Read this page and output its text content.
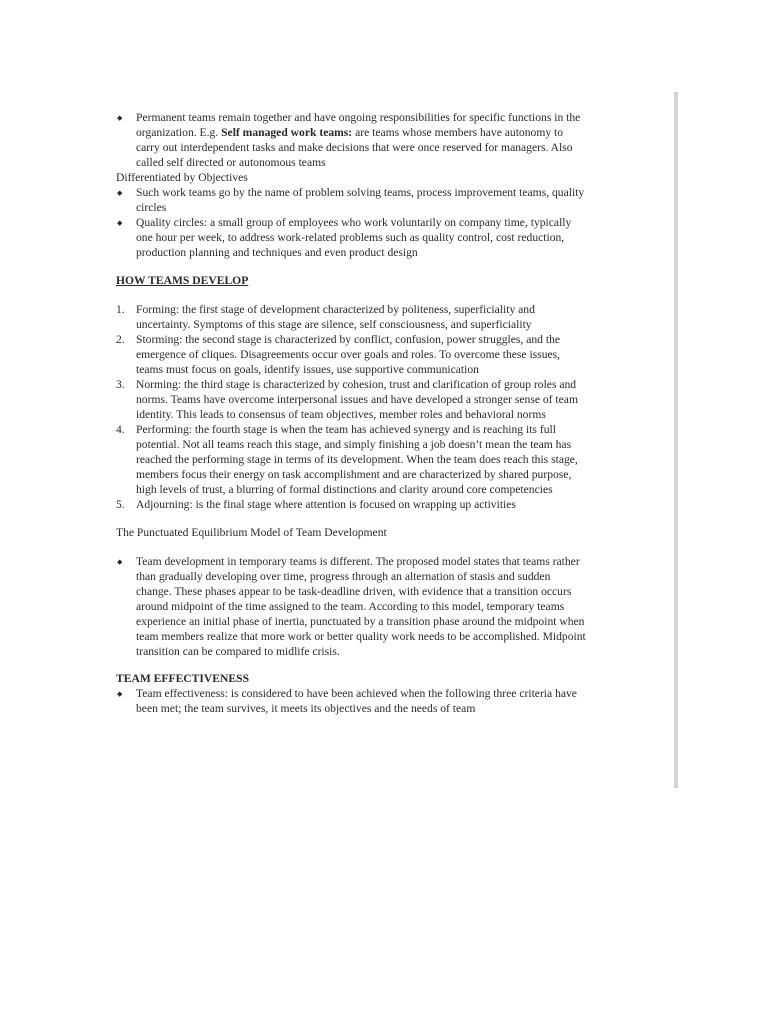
◆ Permanent teams remain together and have ongoing responsibilities for specific functions in the organization. E.g. Self managed work teams: are teams whose members have autonomy to carry out interdependent tasks and make decisions that were once reserved for managers. Also called self directed or autonomous teams
Differentiated by Objectives
◆ Such work teams go by the name of problem solving teams, process improvement teams, quality circles
◆ Quality circles: a small group of employees who work voluntarily on company time, typically one hour per week, to address work-related problems such as quality control, cost reduction, production planning and techniques and even product design
HOW TEAMS DEVELOP
1. Forming: the first stage of development characterized by politeness, superficiality and uncertainty. Symptoms of this stage are silence, self consciousness, and superficiality
2. Storming: the second stage is characterized by conflict, confusion, power struggles, and the emergence of cliques. Disagreements occur over goals and roles. To overcome these issues, teams must focus on goals, identify issues, use supportive communication
3. Norming: the third stage is characterized by cohesion, trust and clarification of group roles and norms. Teams have overcome interpersonal issues and have developed a stronger sense of team identity. This leads to consensus of team objectives, member roles and behavioral norms
4. Performing: the fourth stage is when the team has achieved synergy and is reaching its full potential. Not all teams reach this stage, and simply finishing a job doesn’t mean the team has reached the performing stage in terms of its development. When the team does reach this stage, members focus their energy on task accomplishment and are characterized by shared purpose, high levels of trust, a blurring of formal distinctions and clarity around core competencies
5. Adjourning: is the final stage where attention is focused on wrapping up activities
The Punctuated Equilibrium Model of Team Development
◆ Team development in temporary teams is different. The proposed model states that teams rather than gradually developing over time, progress through an alternation of stasis and sudden change. These phases appear to be task-deadline driven, with evidence that a transition occurs around midpoint of the time assigned to the team. According to this model, temporary teams experience an initial phase of inertia, punctuated by a transition phase around the midpoint when team members realize that more work or better quality work needs to be accomplished. Midpoint transition can be compared to midlife crisis.
TEAM EFFECTIVENESS
◆ Team effectiveness: is considered to have been achieved when the following three criteria have been met; the team survives, it meets its objectives and the needs of team
